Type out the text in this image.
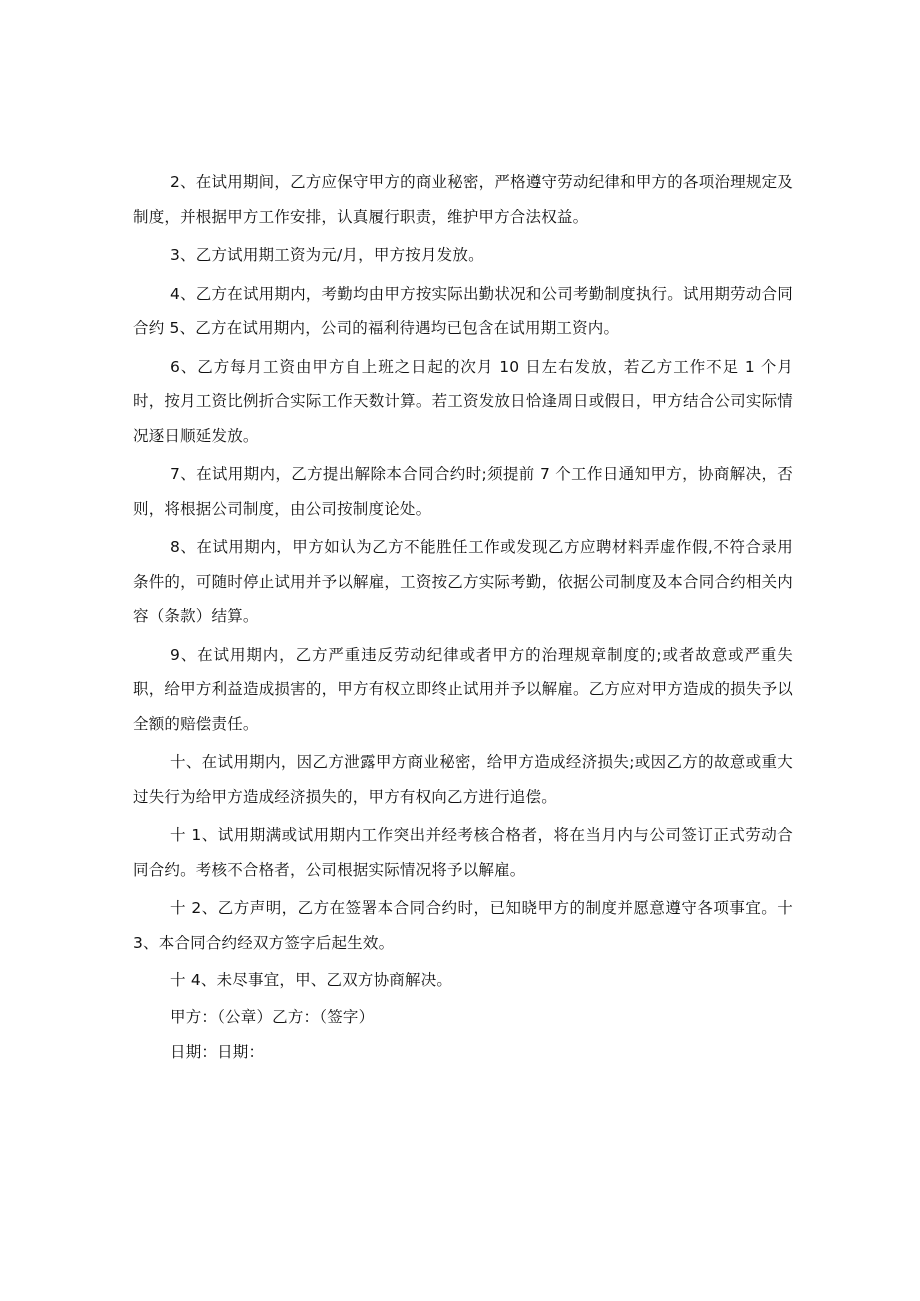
2、在试用期间，乙方应保守甲方的商业秘密，严格遵守劳动纪律和甲方的各项治理规定及制度，并根据甲方工作安排，认真履行职责，维护甲方合法权益。

3、乙方试用期工资为元/月，甲方按月发放。

4、乙方在试用期内，考勤均由甲方按实际出勤状况和公司考勤制度执行。试用期劳动合同合约 5、乙方在试用期内，公司的福利待遇均已包含在试用期工资内。

6、乙方每月工资由甲方自上班之日起的次月 10 日左右发放，若乙方工作不足 1 个月时，按月工资比例折合实际工作天数计算。若工资发放日恰逢周日或假日，甲方结合公司实际情况逐日顺延发放。

7、在试用期内，乙方提出解除本合同合约时;须提前 7 个工作日通知甲方，协商解决，否则，将根据公司制度，由公司按制度论处。

8、在试用期内，甲方如认为乙方不能胜任工作或发现乙方应聘材料弄虚作假,不符合录用条件的，可随时停止试用并予以解雇，工资按乙方实际考勤，依据公司制度及本合同合约相关内容（条款）结算。

9、在试用期内，乙方严重违反劳动纪律或者甲方的治理规章制度的;或者故意或严重失职，给甲方利益造成损害的，甲方有权立即终止试用并予以解雇。乙方应对甲方造成的损失予以全额的赔偿责任。

十、在试用期内，因乙方泄露甲方商业秘密，给甲方造成经济损失;或因乙方的故意或重大过失行为给甲方造成经济损失的，甲方有权向乙方进行追偿。

十 1、试用期满或试用期内工作突出并经考核合格者，将在当月内与公司签订正式劳动合同合约。考核不合格者，公司根据实际情况将予以解雇。

十 2、乙方声明，乙方在签署本合同合约时，已知晓甲方的制度并愿意遵守各项事宜。十 3、本合同合约经双方签字后起生效。

十 4、未尽事宜，甲、乙双方协商解决。

甲方：（公章）乙方：（签字）

日期：日期：
